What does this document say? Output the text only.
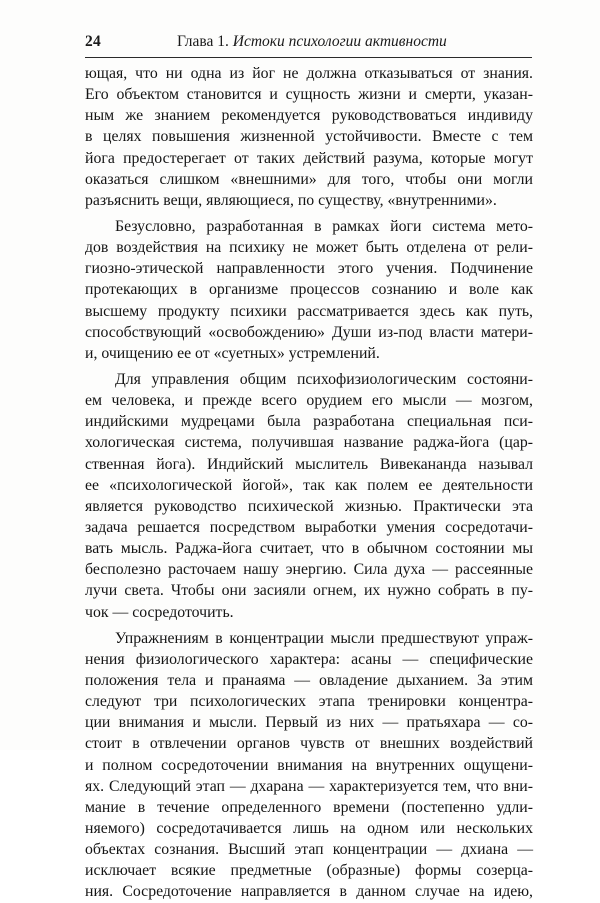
24	Глава 1. Истоки психологии активности
ющая, что ни одна из йог не должна отказываться от знания.
Его объектом становится и сущность жизни и смерти, указан-
ным же знанием рекомендуется руководствоваться индивиду
в целях повышения жизненной устойчивости. Вместе с тем
йога предостерегает от таких действий разума, которые могут
оказаться слишком «внешними» для того, чтобы они могли
разъяснить вещи, являющиеся, по существу, «внутренними».
Безусловно, разработанная в рамках йоги система мето-
дов воздействия на психику не может быть отделена от рели-
гиозно-этической направленности этого учения. Подчинение
протекающих в организме процессов сознанию и воле как
высшему продукту психики рассматривается здесь как путь,
способствующий «освобождению» Души из-под власти матери-
и, очищению ее от «суетных» устремлений.
Для управления общим психофизиологическим состояни-
ем человека, и прежде всего орудием его мысли — мозгом,
индийскими мудрецами была разработана специальная пси-
хологическая система, получившая название раджа-йога (цар-
ственная йога). Индийский мыслитель Вивекананда называл
ее «психологической йогой», так как полем ее деятельности
является руководство психической жизнью. Практически эта
задача решается посредством выработки умения сосредотачи-
вать мысль. Раджа-йога считает, что в обычном состоянии мы
бесполезно расточаем нашу энергию. Сила духа — рассеянные
лучи света. Чтобы они засияли огнем, их нужно собрать в пу-
чок — сосредоточить.
Упражнениям в концентрации мысли предшествуют упраж-
нения физиологического характера: асаны — специфические
положения тела и пранаяма — овладение дыханием. За этим
следуют три психологических этапа тренировки концентра-
ции внимания и мысли. Первый из них — пратьяхара — со-
стоит в отвлечении органов чувств от внешних воздействий
и полном сосредоточении внимания на внутренних ощущени-
ях. Следующий этап — дхарана — характеризуется тем, что вни-
мание в течение определенного времени (постепенно удли-
няемого) сосредотачивается лишь на одном или нескольких
объектах сознания. Высший этап концентрации — дхиана —
исключает всякие предметные (образные) формы созерца-
ния. Сосредоточение направляется в данном случае на идею,
